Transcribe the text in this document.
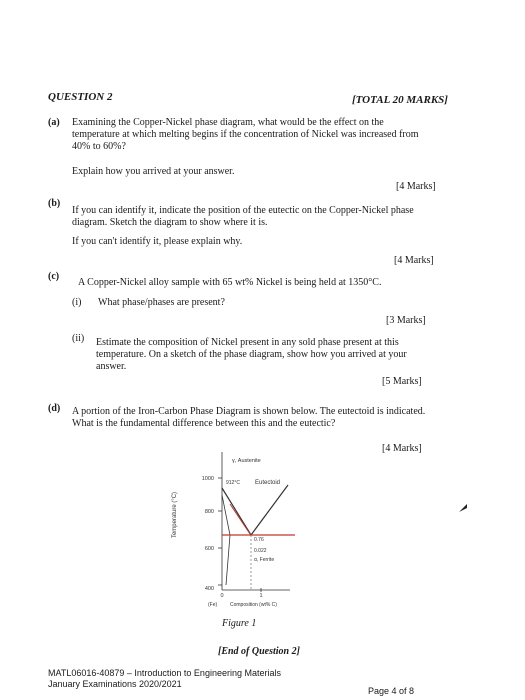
QUESTION 2	[TOTAL 20 MARKS]
(a) Examining the Copper-Nickel phase diagram, what would be the effect on the
temperature at which melting begins if the concentration of Nickel was increased from
40% to 60%?
Explain how you arrived at your answer.
[4 Marks]
(b)
If you can identify it, indicate the position of the eutectic on the Copper-Nickel phase
diagram. Sketch the diagram to show where it is.
If you can't identify it, please explain why.
[4 Marks]
(c)
A Copper-Nickel alloy sample with 65 wt% Nickel is being held at 1350°C.
(i) What phase/phases are present?
[3 Marks]
(ii) Estimate the composition of Nickel present in any sold phase present at this
temperature. On a sketch of the phase diagram, show how you arrived at your
answer.
[5 Marks]
(d) A portion of the Iron-Carbon Phase Diagram is shown below. The eutectoid is indicated.
What is the fundamental difference between this and the eutectic?
[4 Marks]
Temperature (°C)
1000
800
600
400
γ, Austenite
912°C	Eutectoid
0.76
0.022
α, Ferrite
0	1
(Fe)	Composition (wt% C)
Figure 1
[End of Question 2]
MATL06016-40879 – Introduction to Engineering Materials
January Examinations 2020/2021
Page 4 of 8
